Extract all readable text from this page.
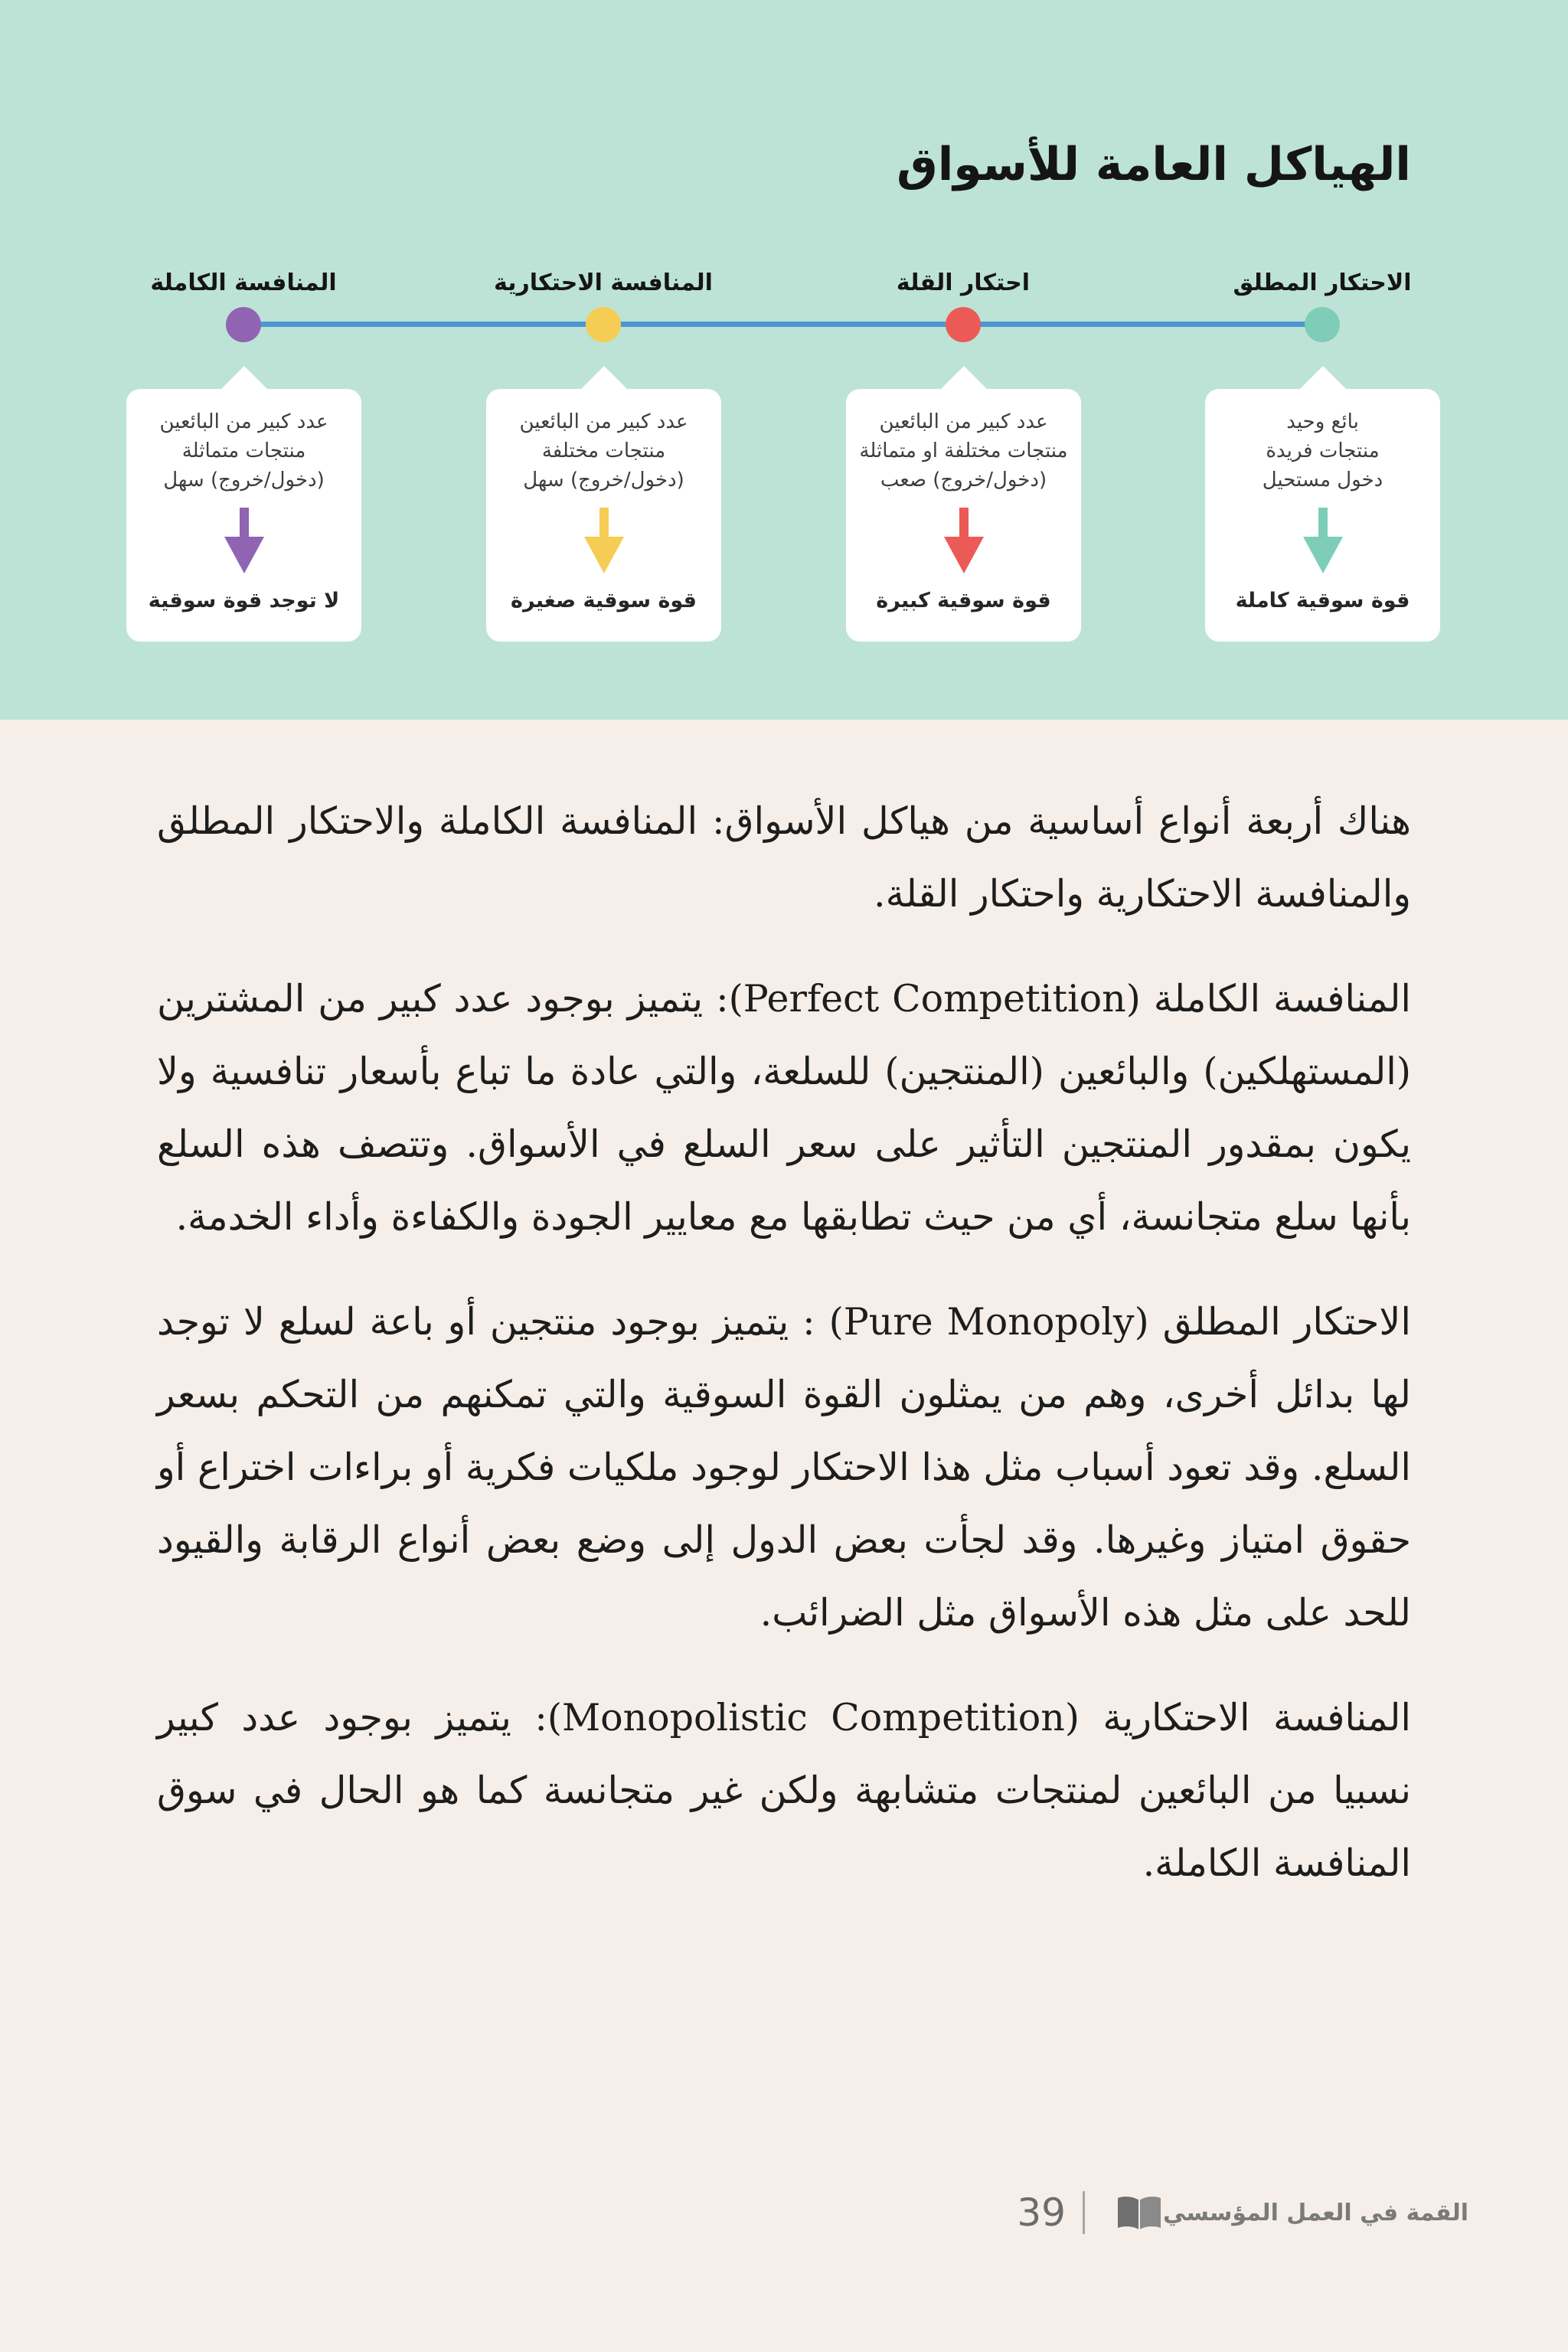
الهياكل العامة للأسواق
الاحتكار المطلق
بائع وحيد
منتجات فريدة
دخول مستحيل
قوة سوقية كاملة
احتكار القلة
عدد كبير من البائعين
منتجات مختلفة او متماثلة
(دخول/خروج) صعب
قوة سوقية كبيرة
المنافسة الاحتكارية
عدد كبير من البائعين
منتجات مختلفة
(دخول/خروج) سهل
قوة سوقية صغيرة
المنافسة الكاملة
عدد كبير من البائعين
منتجات متماثلة
(دخول/خروج) سهل
لا توجد قوة سوقية

هناك أربعة أنواع أساسية من هياكل الأسواق: المنافسة الكاملة والاحتكار المطلق والمنافسة الاحتكارية واحتكار القلة.

المنافسة الكاملة (Perfect Competition): يتميز بوجود عدد كبير من المشترين (المستهلكين) والبائعين (المنتجين) للسلعة، والتي عادة ما تباع بأسعار تنافسية ولا يكون بمقدور المنتجين التأثير على سعر السلع في الأسواق. وتتصف هذه السلع بأنها سلع متجانسة، أي من حيث تطابقها مع معايير الجودة والكفاءة وأداء الخدمة.

الاحتكار المطلق (Pure Monopoly) : يتميز بوجود منتجين أو باعة لسلع لا توجد لها بدائل أخرى، وهم من يمثلون القوة السوقية والتي تمكنهم من التحكم بسعر السلع. وقد تعود أسباب مثل هذا الاحتكار لوجود ملكيات فكرية أو براءات اختراع أو حقوق امتياز وغيرها. وقد لجأت بعض الدول إلى وضع بعض أنواع الرقابة والقيود للحد على مثل هذه الأسواق مثل الضرائب.

المنافسة الاحتكارية (Monopolistic Competition): يتميز بوجود عدد كبير نسبيا من البائعين لمنتجات متشابهة ولكن غير متجانسة كما هو الحال في سوق المنافسة الكاملة.

القمة في العمل المؤسسي
39
